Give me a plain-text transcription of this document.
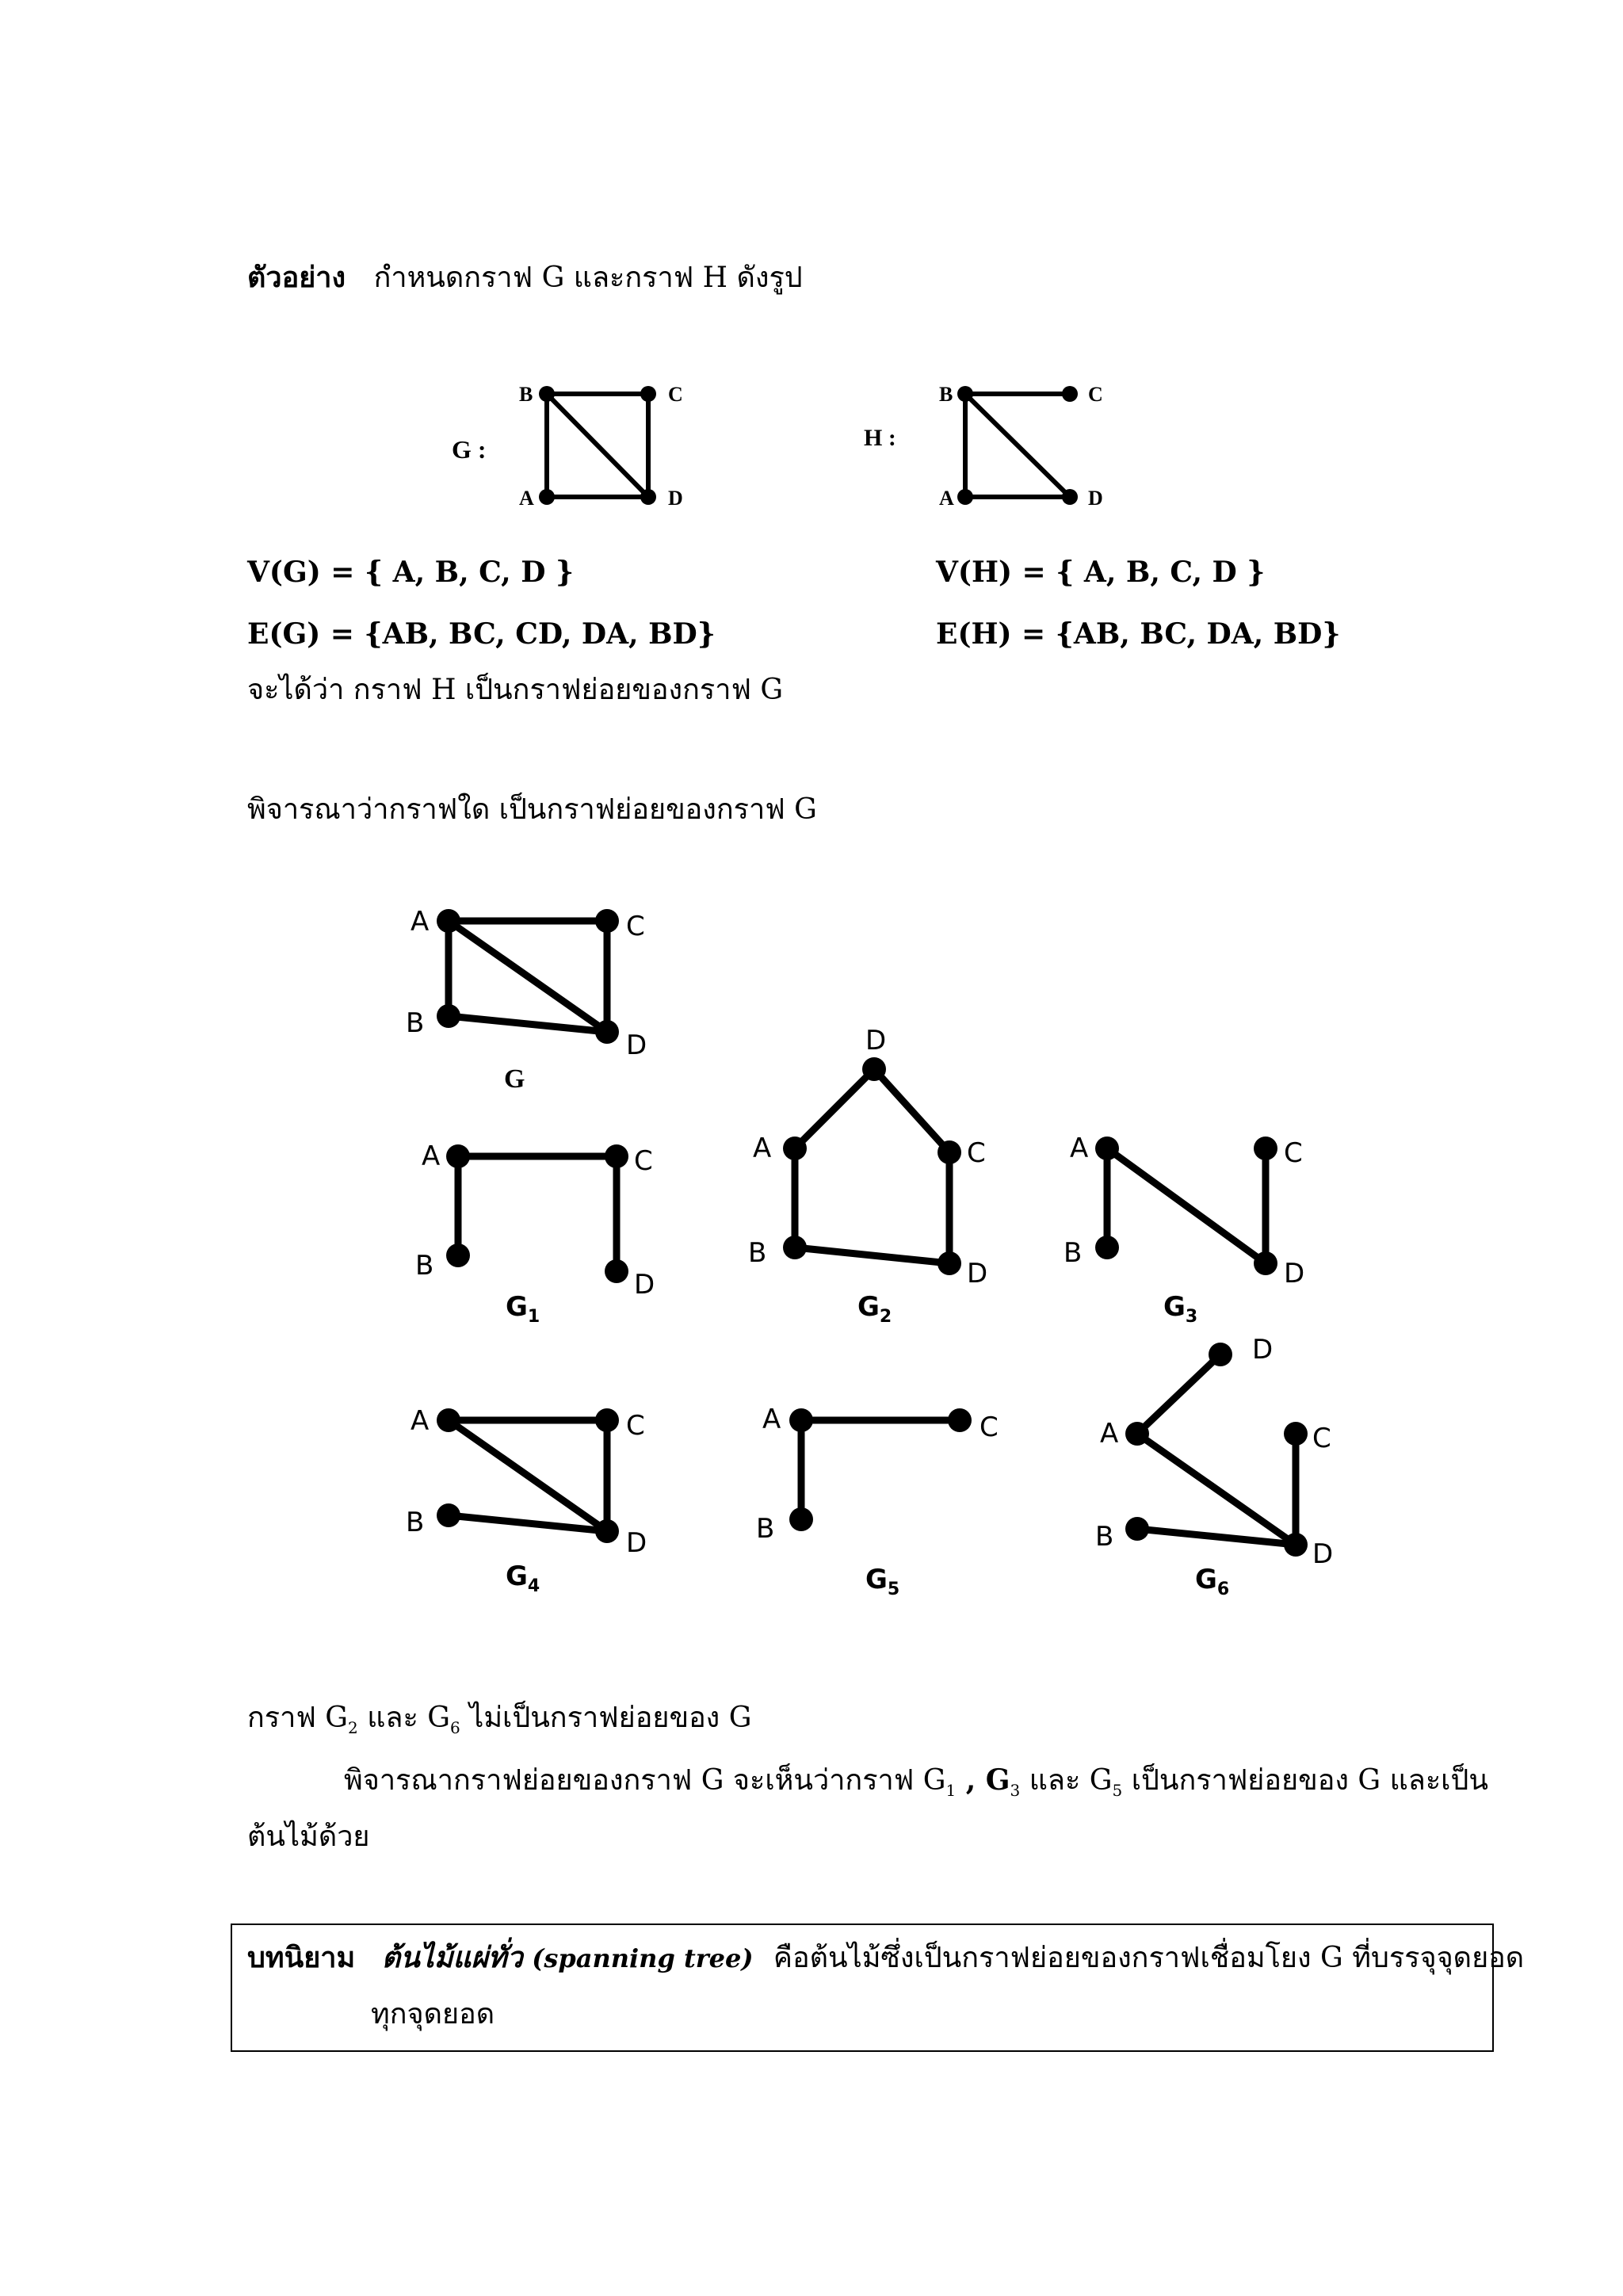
ตัวอย่าง กำหนดกราฟ G และกราฟ H ดังรูป
B	C
A	D
B	C
A	D
G :	H :
V(G) = { A, B, C, D }	V(H) = { A, B, C, D }
E(G) = {AB, BC, CD, DA, BD}	E(H) = {AB, BC, DA, BD}
จะได้ว่า กราฟ H เป็นกราฟย่อยของกราฟ G
พิจารณาว่ากราฟใด เป็นกราฟย่อยของกราฟ G
A	C
B
D
G
A	C
B
D
G1
D
A	C
B
D
G2
A	C
B
D
G3
A	C
B
D
G4
A	C
B
G5
D
A	C
B
D
G6
กราฟ $G_2$ และ $G_6$ ไม่เป็นกราฟย่อยของ G
พิจารณากราฟย่อยของกราฟ G จะเห็นว่ากราฟ $G_1$ , $G_3$ และ $G_5$ เป็นกราฟย่อยของ G และเป็น
ต้นไม้ด้วย
บทนิยาม ต้นไม้แผ่ทั่ว (spanning tree) คือต้นไม้ซึ่งเป็นกราฟย่อยของกราฟเชื่อมโยง G ที่บรรจุจุดยอด
ทุกจุดยอด
